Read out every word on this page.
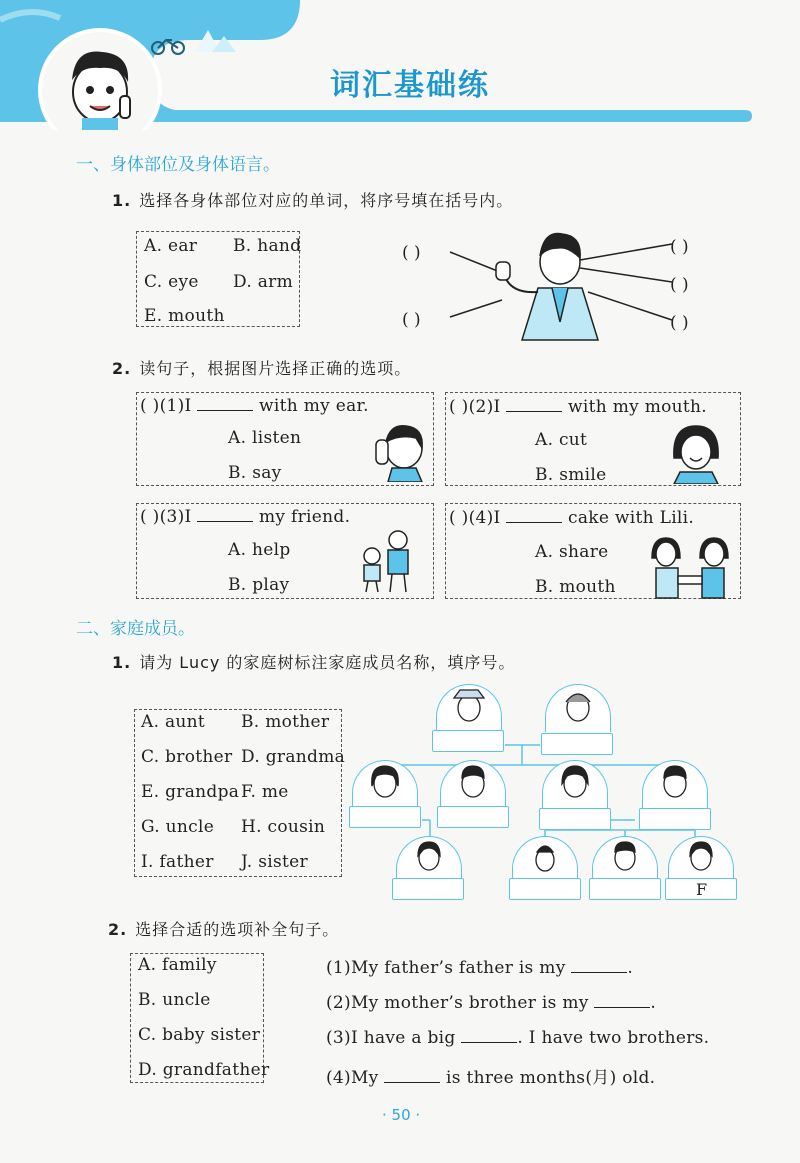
词汇基础练
一、身体部位及身体语言。
1. 选择各身体部位对应的单词，将序号填在括号内。
A. ear B. hand
C. eye D. arm
E. mouth
( )
( )
( )
( )
( )
2. 读句子，根据图片选择正确的选项。
( )(1)I	with my ear.
A. listen
B. say
( )(2)I	with my mouth.
A. cut
B. smile
( )(3)I	my friend.
A. help
B. play
( )(4)I	cake with Lili.
A. share
B. mouth
二、家庭成员。
1. 请为 Lucy 的家庭树标注家庭成员名称，填序号。
A. aunt B. mother
C. brother D. grandma
E. grandpa F. me
G. uncle H. cousin
I. father J. sister
F
2. 选择合适的选项补全句子。
A. family
B. uncle
C. baby sister
D. grandfather
(1)My father’s father is my	.
(2)My mother’s brother is my	.
(3)I have a big	. I have two brothers.
(4)My	is three months(月) old.
· 50 ·
